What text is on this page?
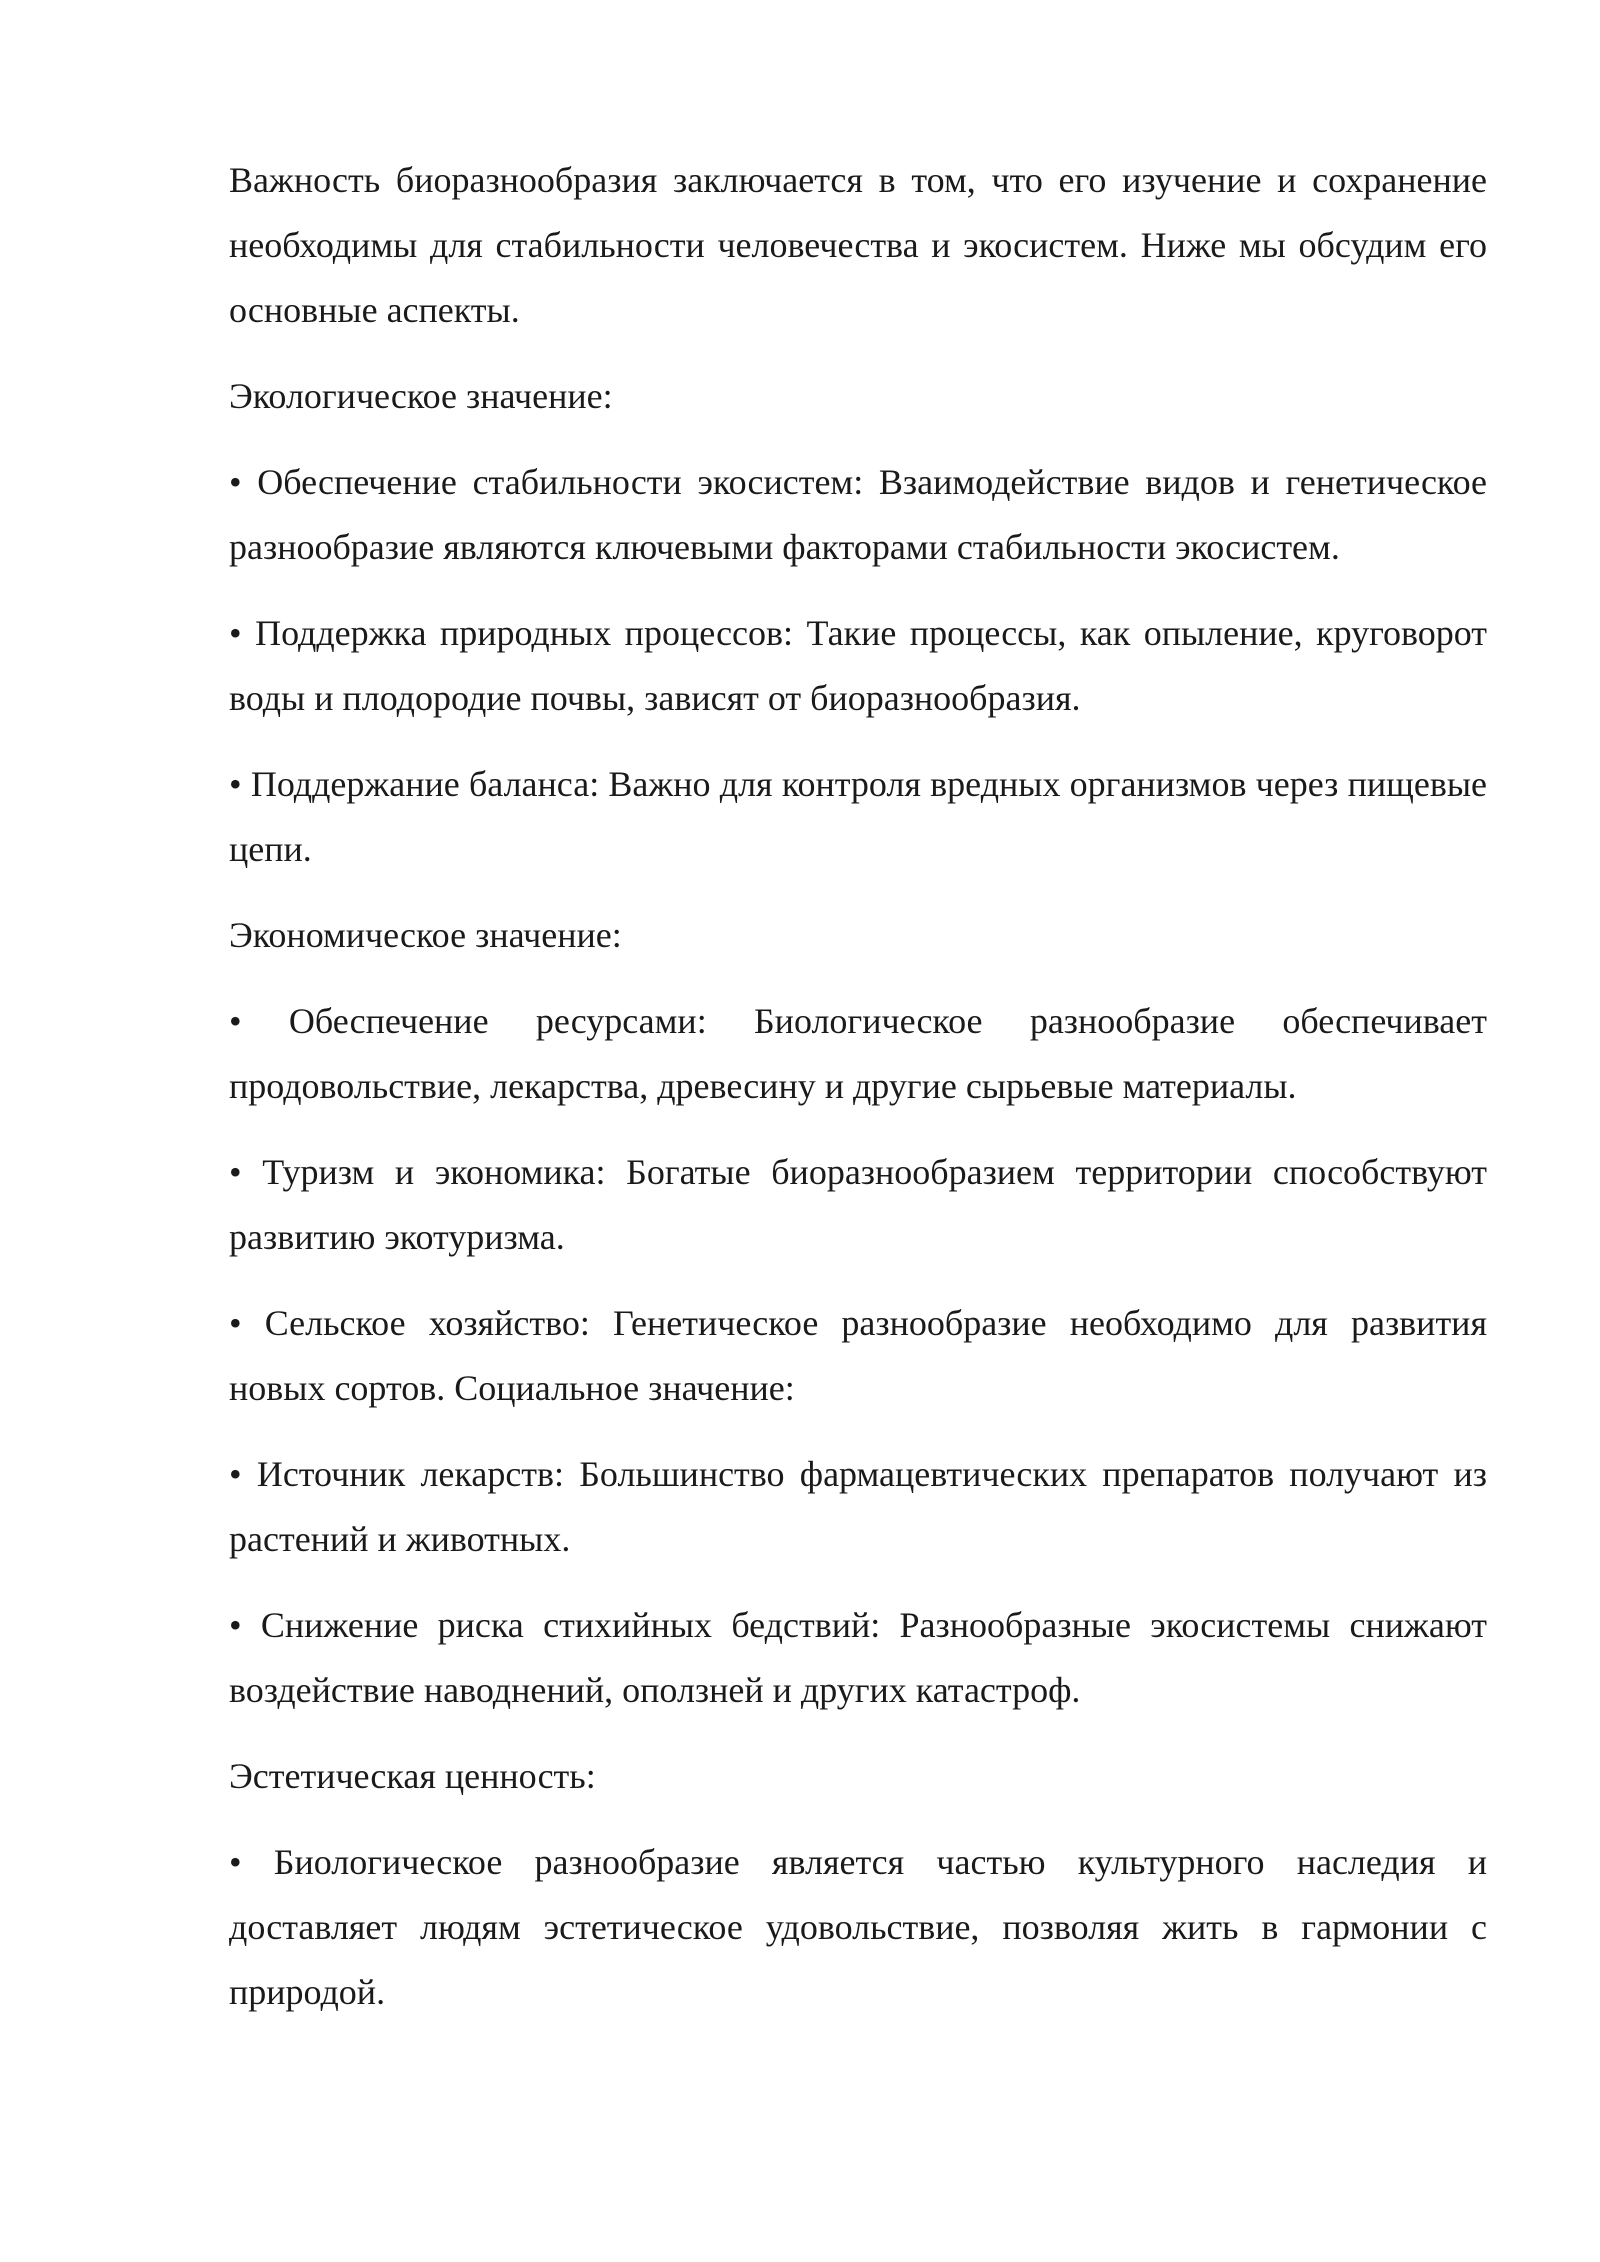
Важность биоразнообразия заключается в том, что его изучение и сохранение необходимы для стабильности человечества и экосистем. Ниже мы обсудим его основные аспекты.

Экологическое значение:

• Обеспечение стабильности экосистем: Взаимодействие видов и генетическое разнообразие являются ключевыми факторами стабильности экосистем.

• Поддержка природных процессов: Такие процессы, как опыление, круговорот воды и плодородие почвы, зависят от биоразнообразия.

• Поддержание баланса: Важно для контроля вредных организмов через пищевые цепи.

Экономическое значение:

• Обеспечение ресурсами: Биологическое разнообразие обеспечивает продовольствие, лекарства, древесину и другие сырьевые материалы.

• Туризм и экономика: Богатые биоразнообразием территории способствуют развитию экотуризма.

• Сельское хозяйство: Генетическое разнообразие необходимо для развития новых сортов. Социальное значение:

• Источник лекарств: Большинство фармацевтических препаратов получают из растений и животных.

• Снижение риска стихийных бедствий: Разнообразные экосистемы снижают воздействие наводнений, оползней и других катастроф.

Эстетическая ценность:

• Биологическое разнообразие является частью культурного наследия и доставляет людям эстетическое удовольствие, позволяя жить в гармонии с природой.
